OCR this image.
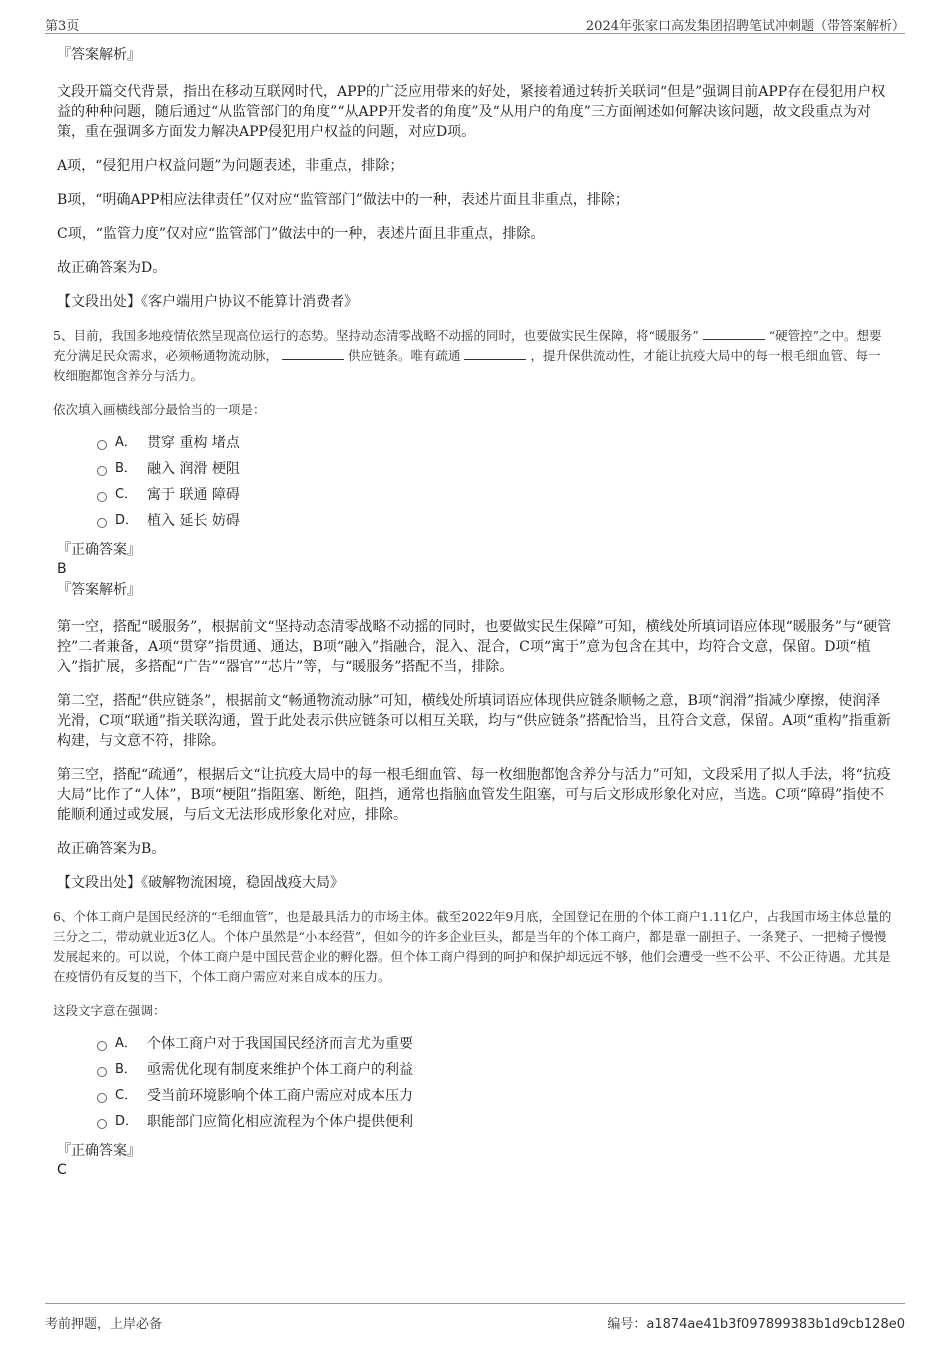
第3页	2024年张家口高发集团招聘笔试冲刺题（带答案解析）
『答案解析』

文段开篇交代背景，指出在移动互联网时代，APP的广泛应用带来的好处，紧接着通过转折关联词“但是”强调目前APP存在侵犯用户权益的种种问题，随后通过“从监管部门的角度”“从APP开发者的角度”及“从用户的角度”三方面阐述如何解决该问题，故文段重点为对策，重在强调多方面发力解决APP侵犯用户权益的问题，对应D项。

A项，“侵犯用户权益问题”为问题表述，非重点，排除；

B项，“明确APP相应法律责任”仅对应“监管部门”做法中的一种，表述片面且非重点，排除；

C项，“监管力度”仅对应“监管部门”做法中的一种，表述片面且非重点，排除。

故正确答案为D。

【文段出处】《客户端用户协议不能算计消费者》

5、目前，我国多地疫情依然呈现高位运行的态势。坚持动态清零战略不动摇的同时，也要做实民生保障，将“暖服务”	“硬管控”之中。想要充分满足民众需求，必须畅通物流动脉，	供应链条。唯有疏通	，提升保供流动性，才能让抗疫大局中的每一根毛细血管、每一枚细胞都饱含养分与活力。

依次填入画横线部分最恰当的一项是：

A． 贯穿 重构 堵点
B． 融入 润滑 梗阻
C． 寓于 联通 障碍
D． 植入 延长 妨碍
『正确答案』
B
『答案解析』

第一空，搭配“暖服务”，根据前文“坚持动态清零战略不动摇的同时，也要做实民生保障”可知，横线处所填词语应体现“暖服务”与“硬管控”二者兼备，A项“贯穿”指贯通、通达，B项“融入”指融合，混入、混合，C项“寓于”意为包含在其中，均符合文意，保留。D项“植入”指扩展，多搭配“广告”“器官”“芯片”等，与“暖服务”搭配不当，排除。

第二空，搭配“供应链条”，根据前文“畅通物流动脉”可知，横线处所填词语应体现供应链条顺畅之意，B项“润滑”指减少摩擦，使润泽光滑，C项“联通”指关联沟通，置于此处表示供应链条可以相互关联，均与“供应链条”搭配恰当，且符合文意，保留。A项“重构”指重新构建，与文意不符，排除。

第三空，搭配“疏通”，根据后文“让抗疫大局中的每一根毛细血管、每一枚细胞都饱含养分与活力”可知，文段采用了拟人手法，将“抗疫大局”比作了“人体”，B项“梗阻”指阻塞、断绝，阻挡，通常也指脑血管发生阻塞，可与后文形成形象化对应，当选。C项“障碍”指使不能顺利通过或发展，与后文无法形成形象化对应，排除。

故正确答案为B。

【文段出处】《破解物流困境，稳固战疫大局》

6、个体工商户是国民经济的“毛细血管”，也是最具活力的市场主体。截至2022年9月底，全国登记在册的个体工商户1.11亿户，占我国市场主体总量的三分之二，带动就业近3亿人。个体户虽然是“小本经营”，但如今的许多企业巨头，都是当年的个体工商户，都是靠一副担子、一条凳子、一把椅子慢慢发展起来的。可以说，个体工商户是中国民营企业的孵化器。但个体工商户得到的呵护和保护却远远不够，他们会遭受一些不公平、不公正待遇。尤其是在疫情仍有反复的当下，个体工商户需应对来自成本的压力。

这段文字意在强调：

A． 个体工商户对于我国国民经济而言尤为重要
B． 亟需优化现有制度来维护个体工商户的利益
C． 受当前环境影响个体工商户需应对成本压力
D． 职能部门应简化相应流程为个体户提供便利
『正确答案』
C
考前押题，上岸必备	编号：a1874ae41b3f097899383b1d9cb128e0
